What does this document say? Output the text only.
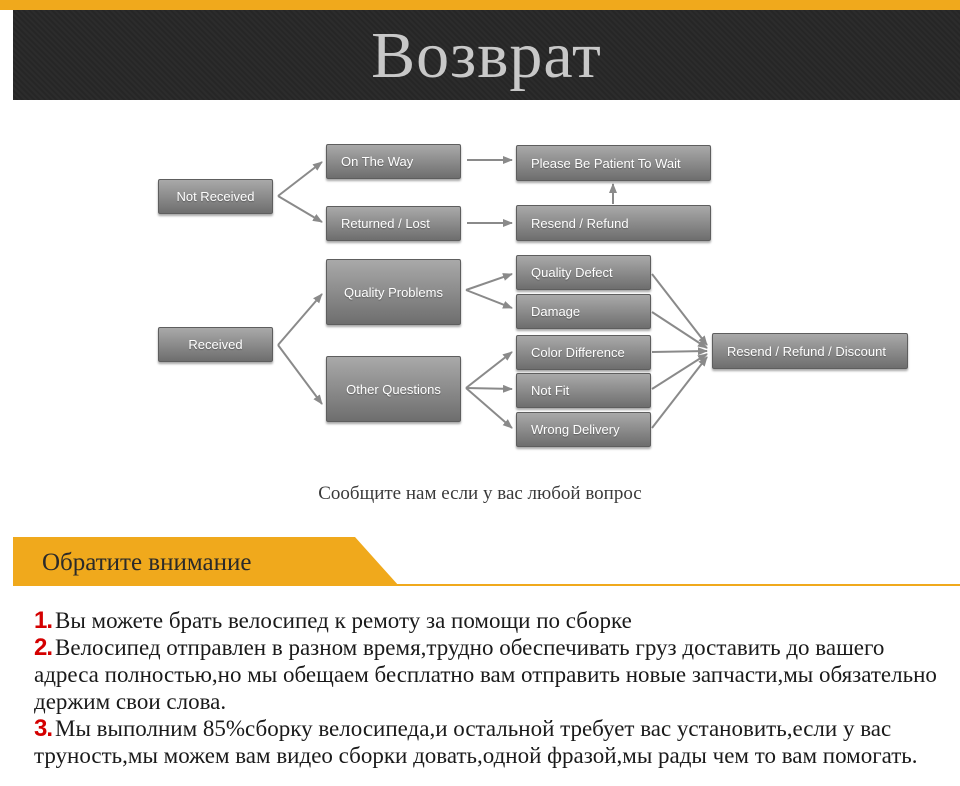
Возврат
Not Received
On The Way
Returned / Lost
Please Be Patient To Wait
Resend / Refund
Received
Quality Problems
Other Questions
Quality Defect
Damage
Color Difference
Not Fit
Wrong Delivery
Resend / Refund / Discount
Сообщите нам если у вас любой вопрос
Обратите внимание

1. Вы можете брать велосипед к ремоту за помощи по сборке

2. Велосипед отправлен в разном время,трудно обеспечивать груз доставить до вашего адреса полностью,но мы обещаем бесплатно вам отправить новые запчасти,мы обязательно держим свои слова.

3. Мы выполним 85%сборку велосипеда,и остальной требует вас установить,если у вас труность,мы можем вам видео сборки довать,одной фразой,мы рады чем то вам помогать.
